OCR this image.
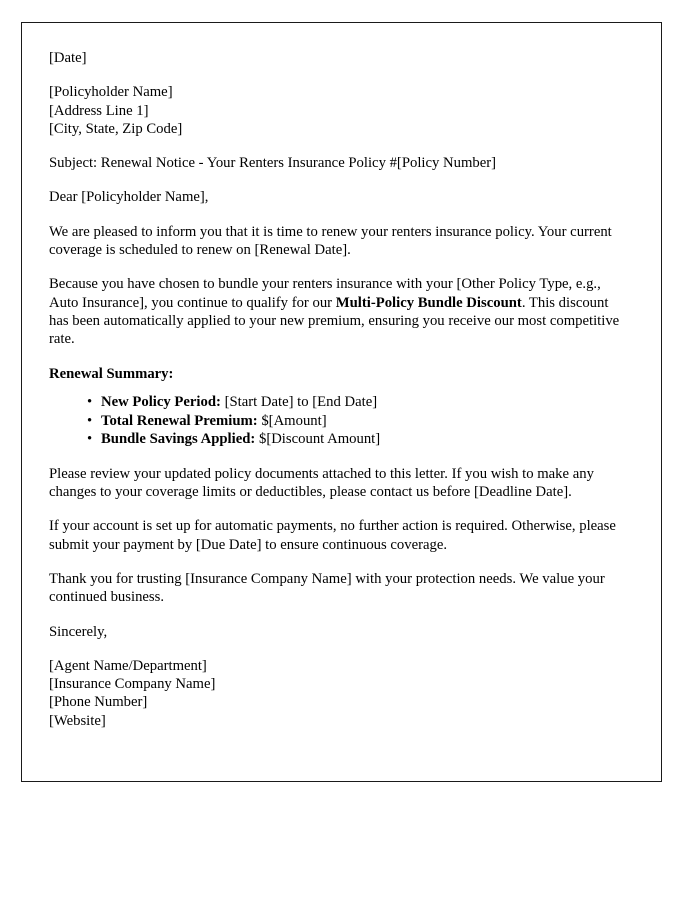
[Date]

[Policyholder Name]

[Address Line 1]

[City, State, Zip Code]

Subject: Renewal Notice - Your Renters Insurance Policy #[Policy Number]

Dear [Policyholder Name],

We are pleased to inform you that it is time to renew your renters insurance policy. Your current coverage is scheduled to renew on [Renewal Date].

Because you have chosen to bundle your renters insurance with your [Other Policy Type, e.g., Auto Insurance], you continue to qualify for our Multi-Policy Bundle Discount. This discount has been automatically applied to your new premium, ensuring you receive our most competitive rate.

Renewal Summary:

• New Policy Period: [Start Date] to [End Date]
• Total Renewal Premium: $[Amount]
• Bundle Savings Applied: $[Discount Amount]

Please review your updated policy documents attached to this letter. If you wish to make any changes to your coverage limits or deductibles, please contact us before [Deadline Date].

If your account is set up for automatic payments, no further action is required. Otherwise, please submit your payment by [Due Date] to ensure continuous coverage.

Thank you for trusting [Insurance Company Name] with your protection needs. We value your continued business.

Sincerely,

[Agent Name/Department]

[Insurance Company Name]

[Phone Number]

[Website]
